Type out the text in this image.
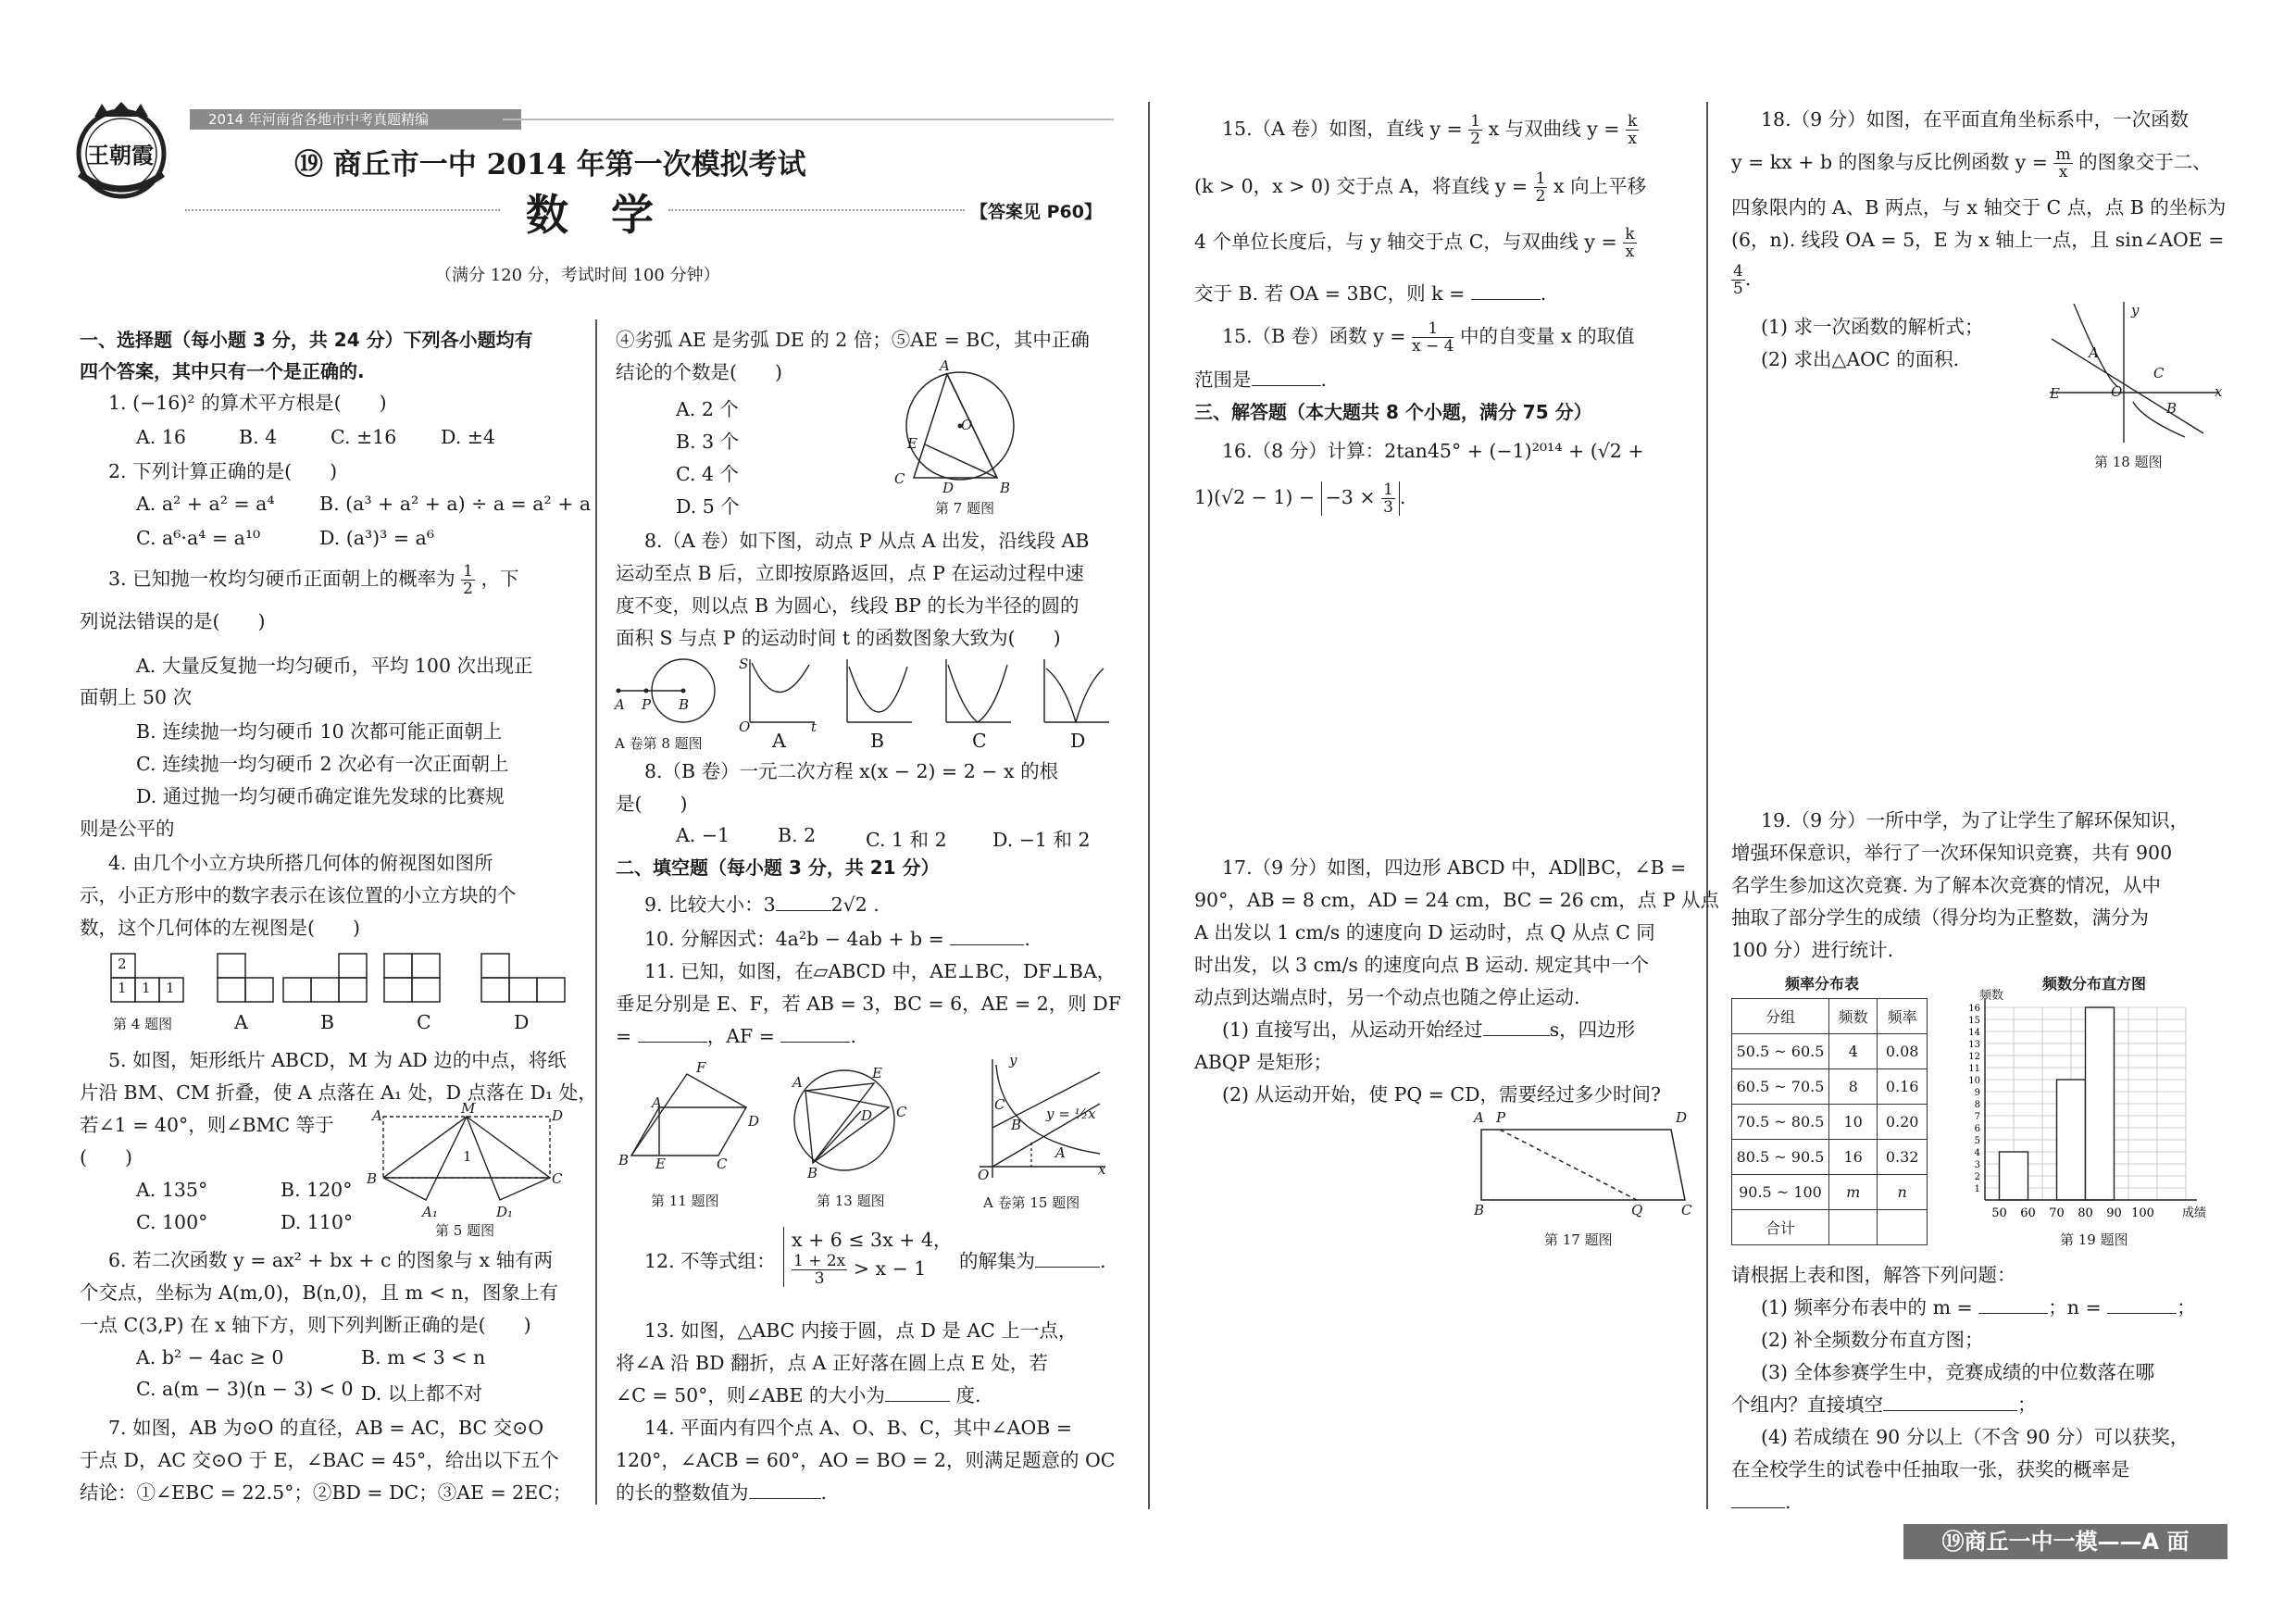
王朝霞
2014 年河南省各地市中考真题精编
⑲ 商丘市一中 2014 年第一次模拟考试
数　学	【答案见 P60】
（满分 120 分，考试时间 100 分钟）
一、选择题（每小题 3 分，共 24 分）下列各小题均有
四个答案，其中只有一个是正确的.
1. (−16)² 的算术平方根是(　　)
A. 16	B. 4	C. ±16 D. ±4
2. 下列计算正确的是(　　)
A. a² + a² = a⁴ B. (a³ + a² + a) ÷ a = a² + a
C. a⁶·a⁴ = a¹⁰	D. (a³)³ = a⁶
3. 已知抛一枚均匀硬币正面朝上的概率为 $\frac{1}{2}$ ，下
列说法错误的是(　　)
A. 大量反复抛一均匀硬币，平均 100 次出现正
面朝上 50 次
B. 连续抛一均匀硬币 10 次都可能正面朝上
C. 连续抛一均匀硬币 2 次必有一次正面朝上
D. 通过抛一均匀硬币确定谁先发球的比赛规
则是公平的
4. 由几个小立方块所搭几何体的俯视图如图所
示，小正方形中的数字表示在该位置的小立方块的个
数，这个几何体的左视图是(　　)
2
1 1 1
第 4 题图	A	B	C	D
5. 如图，矩形纸片 ABCD，M 为 AD 边的中点，将纸
片沿 BM、CM 折叠，使 A 点落在 A₁ 处，D 点落在 D₁ 处，
若∠1 = 40°，则∠BMC 等于
(　　)
A. 135°	B. 120°
C. 100°	D. 110°
A	M	D
1
B	C
A₁	D₁
第 5 题图
6. 若二次函数 y = ax² + bx + c 的图象与 x 轴有两
个交点，坐标为 A(m,0)，B(n,0)，且 m < n，图象上有
一点 C(3,P) 在 x 轴下方，则下列判断正确的是(　　)
A. b² − 4ac ≥ 0	B. m < 3 < n
C. a(m − 3)(n − 3) < 0 D. 以上都不对
7. 如图，AB 为⊙O 的直径，AB = AC，BC 交⊙O
于点 D，AC 交⊙O 于 E，∠BAC = 45°，给出以下五个
结论：①∠EBC = 22.5°；②BD = DC；③AE = 2EC；
④劣弧 AE 是劣弧 DE 的 2 倍；⑤AE = BC，其中正确
结论的个数是(　　)
A. 2 个
B. 3 个
C. 4 个
D. 5 个
A
O
E
C
D	B
第 7 题图
8.（A 卷）如下图，动点 P 从点 A 出发，沿线段 AB
运动至点 B 后，立即按原路返回，点 P 在运动过程中速
度不变，则以点 B 为圆心，线段 BP 的长为半径的圆的
面积 S 与点 P 的运动时间 t 的函数图象大致为(　　)
A P B
S
O	t
A 卷第 8 题图	A	B	C	D
8.（B 卷）一元二次方程 x(x − 2) = 2 − x 的根
是(　　)
A. −1	B. 2	C. 1 和 2 D. −1 和 2
二、填空题（每小题 3 分，共 21 分）
9. 比较大小：3	2√2 .
10. 分解因式：4a²b − 4ab + b =	.
11. 已知，如图，在▱ABCD 中，AE⊥BC，DF⊥BA，
垂足分别是 E、F，若 AB = 3，BC = 6，AE = 2，则 DF
=	，AF =	.
A
F
D
B E	C
第 11 题图
A
E
D C
B
第 13 题图
y
C
B
A
O	x
y = ½x
A 卷第 15 题图
12. 不等式组：
x + 6 ≤ 3x + 4，
$\frac{1 + 2x}{3} > x - 1$	的解集为	.
13. 如图，△ABC 内接于圆，点 D 是 AC 上一点，
将∠A 沿 BD 翻折，点 A 正好落在圆上点 E 处，若
∠C = 50°，则∠ABE 的大小为	度.
14. 平面内有四个点 A、O、B、C，其中∠AOB =
120°，∠ACB = 60°，AO = BO = 2，则满足题意的 OC
的长的整数值为	.
15.（A 卷）如图，直线 $y = \frac{1}{2}$ x 与双曲线 $y = \frac{k}{x}$
(k > 0，x > 0) 交于点 A，将直线 $y = \frac{1}{2}$ x 向上平移
4 个单位长度后，与 y 轴交于点 C，与双曲线 $y = \frac{k}{x}$
交于 B. 若 OA = 3BC，则 k =	.
15.（B 卷）函数 $y = \frac{1}{x - 4}$ 中的自变量 x 的取值
范围是	.
三、解答题（本大题共 8 个小题，满分 75 分）
16.（8 分）计算：2tan45° + (−1)²⁰¹⁴ + (√2 +
$1)(√2 - 1) - -3 \times \frac{1}{3}$ .
17.（9 分）如图，四边形 ABCD 中，AD∥BC，∠B =
90°，AB = 8 cm，AD = 24 cm，BC = 26 cm，点 P 从点
A 出发以 1 cm/s 的速度向 D 运动时，点 Q 从点 C 同
时出发，以 3 cm/s 的速度向点 B 运动. 规定其中一个
动点到达端点时，另一个动点也随之停止运动.
(1) 直接写出，从运动开始经过	s，四边形
ABQP 是矩形；
(2) 从运动开始，使 PQ = CD，需要经过多少时间?
A P	D
B	Q	C
第 17 题图
18.（9 分）如图，在平面直角坐标系中，一次函数
y = kx + b 的图象与反比例函数 $y = \frac{m}{x}$ 的图象交于二、
四象限内的 A、B 两点，与 x 轴交于 C 点，点 B 的坐标为
(6，n). 线段 OA = 5，E 为 x 轴上一点，且 sin∠AOE =
$\frac{4}{5}$ .
(1) 求一次函数的解析式；
(2) 求出△AOC 的面积.
y
A
C
E	O	x
B
第 18 题图
19.（9 分）一所中学，为了让学生了解环保知识，
增强环保意识，举行了一次环保知识竞赛，共有 900
名学生参加这次竞赛. 为了解本次竞赛的情况，从中
抽取了部分学生的成绩（得分均为正整数，满分为
100 分）进行统计.
频率分布表
分组	频数	频率
50.5 ~ 60.5	4	0.08
60.5 ~ 70.5	8	0.16
70.5 ~ 80.5	10	0.20
80.5 ~ 90.5	16	0.32
90.5 ~ 100	m	n
合计		
频数分布直方图
频数
1
2
3
4
5
6
7
8
9
10
11
12
13
14
15
16
50 60 70 80 90 100 成绩
第 19 题图
请根据上表和图，解答下列问题：
(1) 频率分布表中的 m =	；n =	；
(2) 补全频数分布直方图；
(3) 全体参赛学生中，竞赛成绩的中位数落在哪
个组内？直接填空	；
(4) 若成绩在 90 分以上（不含 90 分）可以获奖，
在全校学生的试卷中任抽取一张，获奖的概率是
.
⑲商丘一中一模——A 面
